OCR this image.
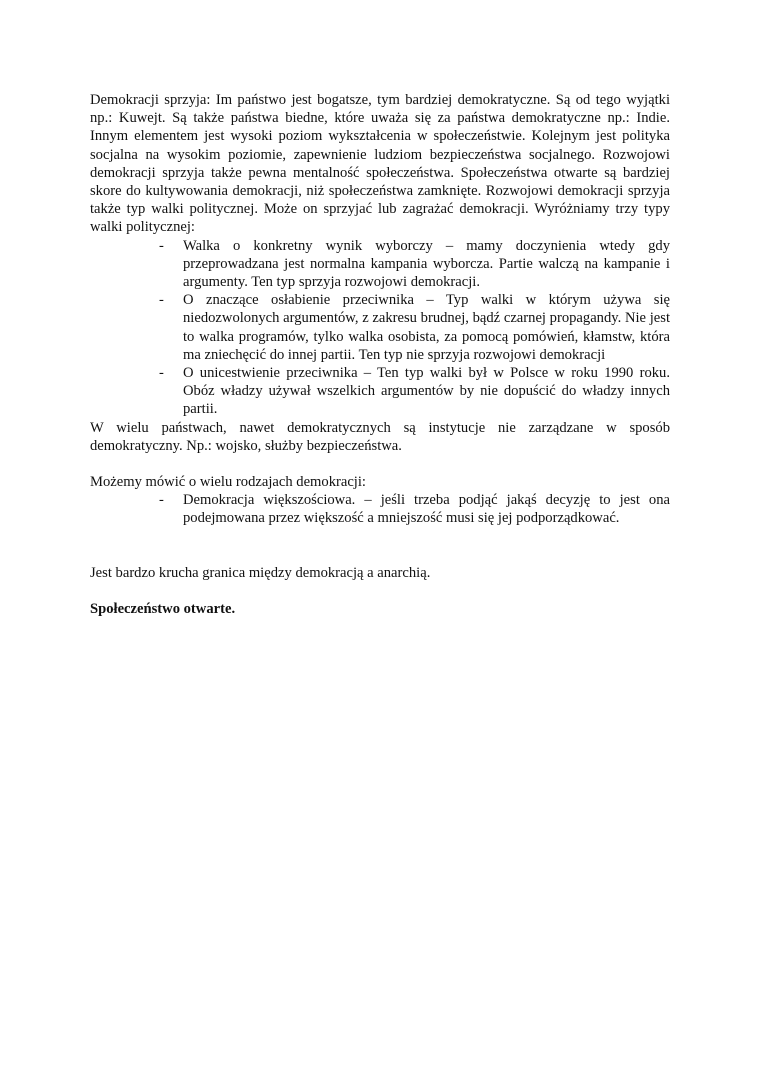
Demokracji sprzyja: Im państwo jest bogatsze, tym bardziej demokratyczne. Są od tego wyjątki np.: Kuwejt. Są także państwa biedne, które uważa się za państwa demokratyczne np.: Indie. Innym elementem jest wysoki poziom wykształcenia w społeczeństwie. Kolejnym jest polityka socjalna na wysokim poziomie, zapewnienie ludziom bezpieczeństwa socjalnego. Rozwojowi demokracji sprzyja także pewna mentalność społeczeństwa. Społeczeństwa otwarte są bardziej skore do kultywowania demokracji, niż społeczeństwa zamknięte. Rozwojowi demokracji sprzyja także typ walki politycznej. Może on sprzyjać lub zagrażać demokracji. Wyróżniamy trzy typy walki politycznej:

- Walka o konkretny wynik wyborczy – mamy doczynienia wtedy gdy przeprowadzana jest normalna kampania wyborcza. Partie walczą na kampanie i argumenty. Ten typ sprzyja rozwojowi demokracji.
- O znaczące osłabienie przeciwnika – Typ walki w którym używa się niedozwolonych argumentów, z zakresu brudnej, bądź czarnej propagandy. Nie jest to walka programów, tylko walka osobista, za pomocą pomówień, kłamstw, która ma zniechęcić do innej partii. Ten typ nie sprzyja rozwojowi demokracji
- O unicestwienie przeciwnika – Ten typ walki był w Polsce w roku 1990 roku. Obóz władzy używał wszelkich argumentów by nie dopuścić do władzy innych partii.

W wielu państwach, nawet demokratycznych są instytucje nie zarządzane w sposób demokratyczny. Np.: wojsko, służby bezpieczeństwa.

Możemy mówić o wielu rodzajach demokracji:

- Demokracja większościowa. – jeśli trzeba podjąć jakąś decyzję to jest ona podejmowana przez większość a mniejszość musi się jej podporządkować.

Jest bardzo krucha granica między demokracją a anarchią.

Społeczeństwo otwarte.
